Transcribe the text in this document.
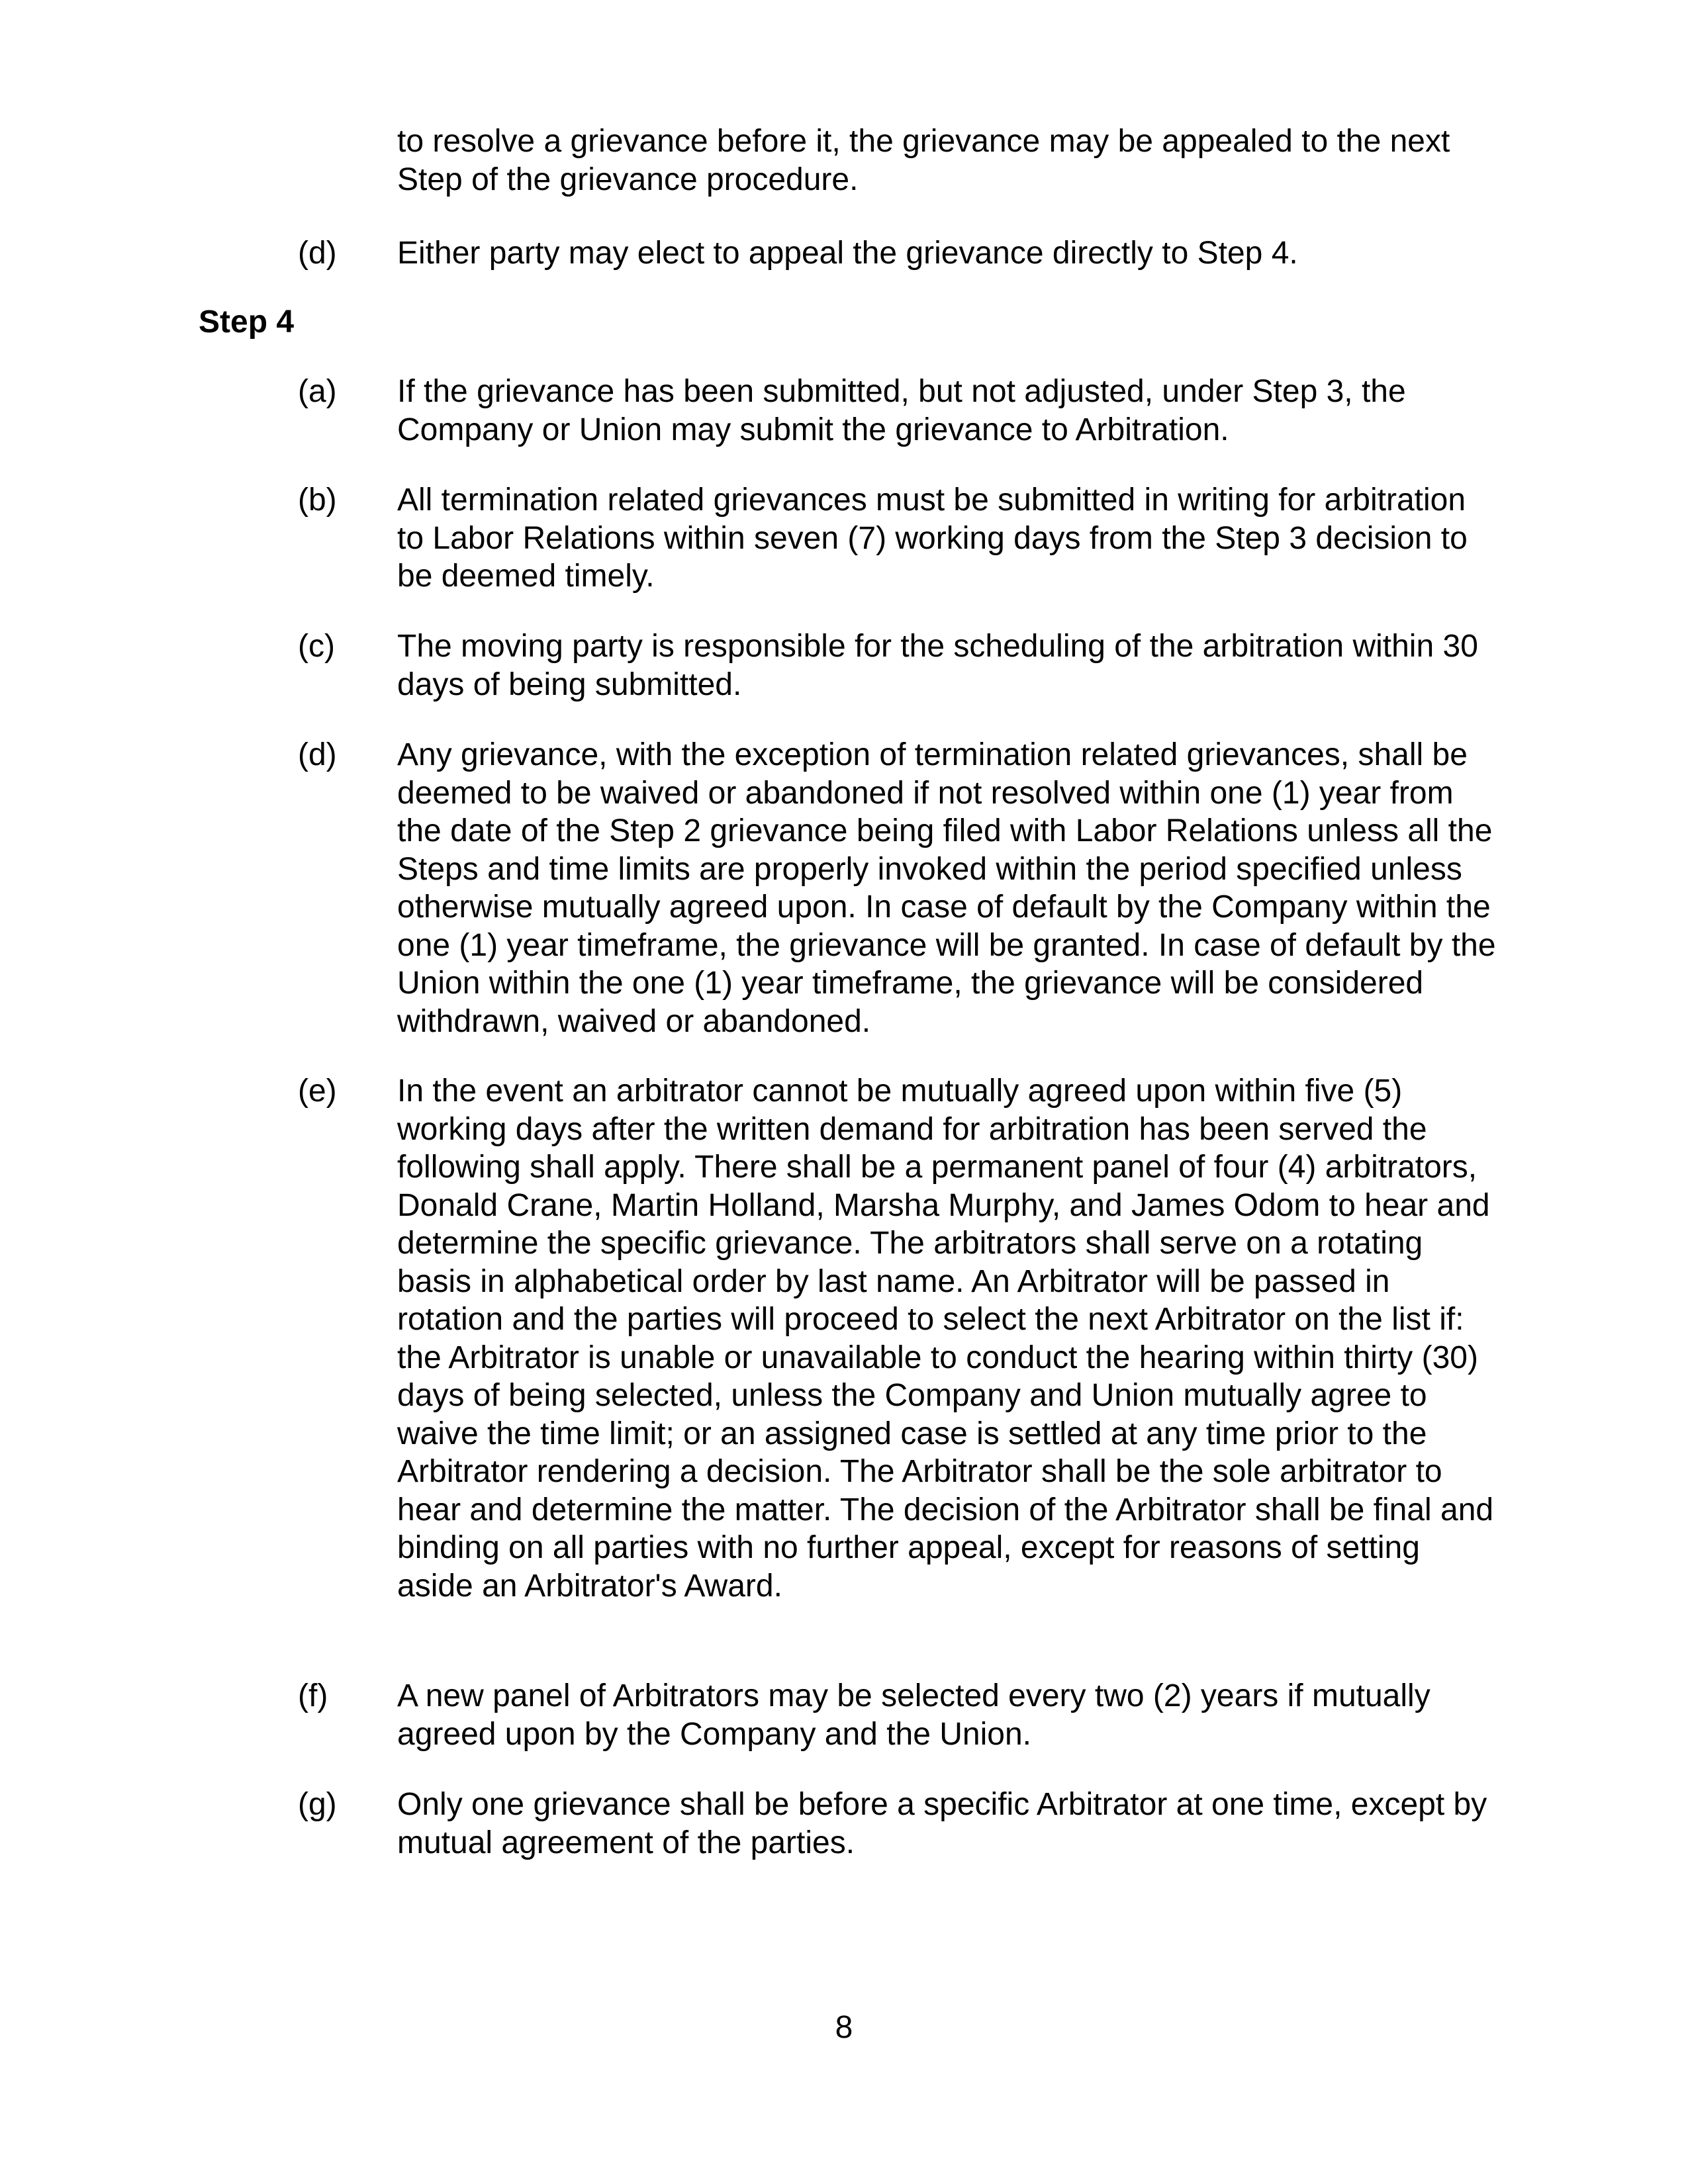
to resolve a grievance before it, the grievance may be appealed to the next Step of the grievance procedure.

(d) Either party may elect to appeal the grievance directly to Step 4.

Step 4

(a) If the grievance has been submitted, but not adjusted, under Step 3, the Company or Union may submit the grievance to Arbitration.

(b) All termination related grievances must be submitted in writing for arbitration to Labor Relations within seven (7) working days from the Step 3 decision to be deemed timely.

(c) The moving party is responsible for the scheduling of the arbitration within 30 days of being submitted.

(d) Any grievance, with the exception of termination related grievances, shall be deemed to be waived or abandoned if not resolved within one (1) year from the date of the Step 2 grievance being filed with Labor Relations unless all the Steps and time limits are properly invoked within the period specified unless otherwise mutually agreed upon. In case of default by the Company within the one (1) year timeframe, the grievance will be granted. In case of default by the Union within the one (1) year timeframe, the grievance will be considered withdrawn, waived or abandoned.

(e) In the event an arbitrator cannot be mutually agreed upon within five (5) working days after the written demand for arbitration has been served the following shall apply. There shall be a permanent panel of four (4) arbitrators, Donald Crane, Martin Holland, Marsha Murphy, and James Odom to hear and determine the specific grievance. The arbitrators shall serve on a rotating basis in alphabetical order by last name. An Arbitrator will be passed in rotation and the parties will proceed to select the next Arbitrator on the list if: the Arbitrator is unable or unavailable to conduct the hearing within thirty (30) days of being selected, unless the Company and Union mutually agree to waive the time limit; or an assigned case is settled at any time prior to the Arbitrator rendering a decision. The Arbitrator shall be the sole arbitrator to hear and determine the matter. The decision of the Arbitrator shall be final and binding on all parties with no further appeal, except for reasons of setting aside an Arbitrator's Award.

(f) A new panel of Arbitrators may be selected every two (2) years if mutually agreed upon by the Company and the Union.

(g) Only one grievance shall be before a specific Arbitrator at one time, except by mutual agreement of the parties.

8
